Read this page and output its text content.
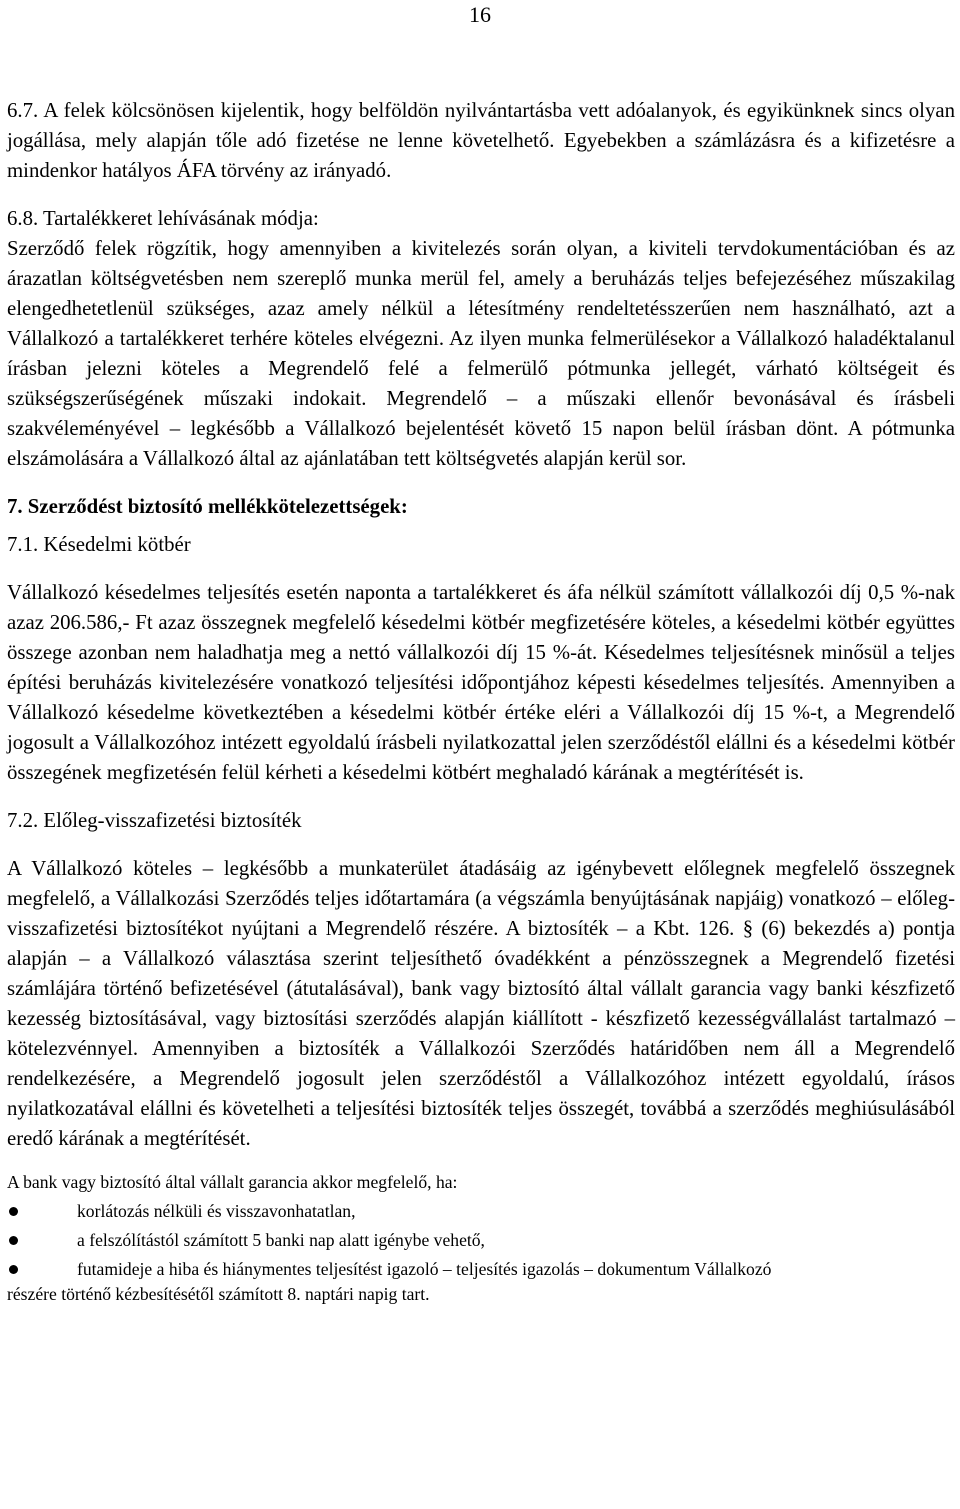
16

6.7. A felek kölcsönösen kijelentik, hogy belföldön nyilvántartásba vett adóalanyok, és egyikünknek sincs olyan jogállása, mely alapján tőle adó fizetése ne lenne követelhető. Egyebekben a számlázásra és a kifizetésre a mindenkor hatályos ÁFA törvény az irányadó.

6.8. Tartalékkeret lehívásának módja:

Szerződő felek rögzítik, hogy amennyiben a kivitelezés során olyan, a kiviteli tervdokumentációban és az árazatlan költségvetésben nem szereplő munka merül fel, amely a beruházás teljes befejezéséhez műszakilag elengedhetetlenül szükséges, azaz amely nélkül a létesítmény rendeltetésszerűen nem használható, azt a Vállalkozó a tartalékkeret terhére köteles elvégezni. Az ilyen munka felmerülésekor a Vállalkozó haladéktalanul írásban jelezni köteles a Megrendelő felé a felmerülő pótmunka jellegét, várható költségeit és szükségszerűségének műszaki indokait. Megrendelő – a műszaki ellenőr bevonásával és írásbeli szakvéleményével – legkésőbb a Vállalkozó bejelentését követő 15 napon belül írásban dönt. A pótmunka elszámolására a Vállalkozó által az ajánlatában tett költségvetés alapján kerül sor.

7. Szerződést biztosító mellékkötelezettségek:

7.1. Késedelmi kötbér

Vállalkozó késedelmes teljesítés esetén naponta a tartalékkeret és áfa nélkül számított vállalkozói díj 0,5 %-nak azaz 206.586,- Ft azaz összegnek megfelelő késedelmi kötbér megfizetésére köteles, a késedelmi kötbér együttes összege azonban nem haladhatja meg a nettó vállalkozói díj 15 %-át. Késedelmes teljesítésnek minősül a teljes építési beruházás kivitelezésére vonatkozó teljesítési időpontjához képesti késedelmes teljesítés. Amennyiben a Vállalkozó késedelme következtében a késedelmi kötbér értéke eléri a Vállalkozói díj 15 %-t, a Megrendelő jogosult a Vállalkozóhoz intézett egyoldalú írásbeli nyilatkozattal jelen szerződéstől elállni és a késedelmi kötbér összegének megfizetésén felül kérheti a késedelmi kötbért meghaladó kárának a megtérítését is.

7.2. Előleg-visszafizetési biztosíték

A Vállalkozó köteles – legkésőbb a munkaterület átadásáig az igénybevett előlegnek megfelelő összegnek megfelelő, a Vállalkozási Szerződés teljes időtartamára (a végszámla benyújtásának napjáig) vonatkozó – előleg-visszafizetési biztosítékot nyújtani a Megrendelő részére. A biztosíték – a Kbt. 126. § (6) bekezdés a) pontja alapján – a Vállalkozó választása szerint teljesíthető óvadékként a pénzösszegnek a Megrendelő fizetési számlájára történő befizetésével (átutalásával), bank vagy biztosító által vállalt garancia vagy banki készfizető kezesség biztosításával, vagy biztosítási szerződés alapján kiállított - készfizető kezességvállalást tartalmazó – kötelezvénnyel. Amennyiben a biztosíték a Vállalkozói Szerződés határidőben nem áll a Megrendelő rendelkezésére, a Megrendelő jogosult jelen szerződéstől a Vállalkozóhoz intézett egyoldalú, írásos nyilatkozatával elállni és követelheti a teljesítési biztosíték teljes összegét, továbbá a szerződés meghiúsulásából eredő kárának a megtérítését.

A bank vagy biztosító által vállalt garancia akkor megfelelő, ha:

korlátozás nélküli és visszavonhatatlan,
a felszólítástól számított 5 banki nap alatt igénybe vehető,
futamideje a hiba és hiánymentes teljesítést igazoló – teljesítés igazolás – dokumentum Vállalkozó

részére történő kézbesítésétől számított 8. naptári napig tart.
